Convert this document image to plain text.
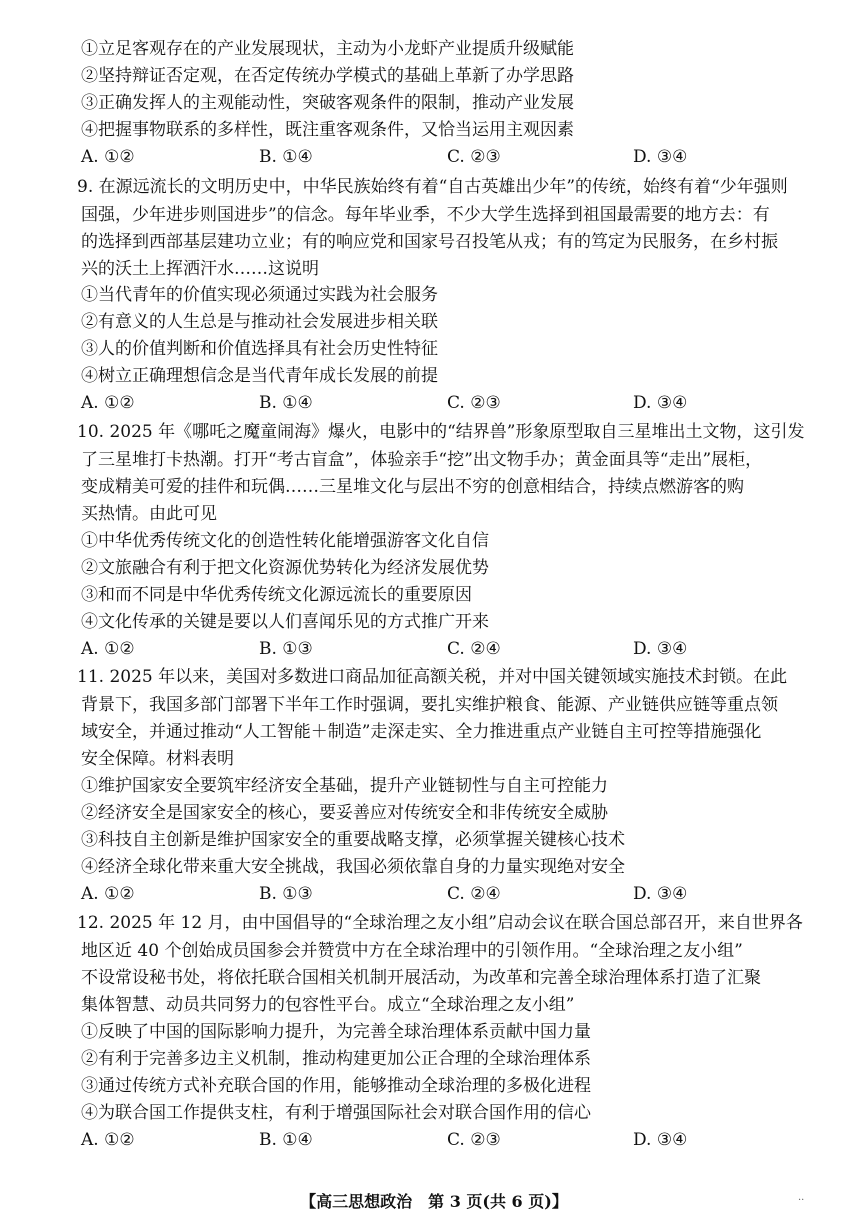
①立足客观存在的产业发展现状，主动为小龙虾产业提质升级赋能
②坚持辩证否定观，在否定传统办学模式的基础上革新了办学思路
③正确发挥人的主观能动性，突破客观条件的限制，推动产业发展
④把握事物联系的多样性，既注重客观条件，又恰当运用主观因素
A. ①②	B. ①④	C. ②③	D. ③④
9. 在源远流长的文明历史中，中华民族始终有着“自古英雄出少年”的传统，始终有着“少年强则
国强，少年进步则国进步”的信念。每年毕业季，不少大学生选择到祖国最需要的地方去：有
的选择到西部基层建功立业；有的响应党和国家号召投笔从戎；有的笃定为民服务，在乡村振
兴的沃土上挥洒汗水……这说明
①当代青年的价值实现必须通过实践为社会服务
②有意义的人生总是与推动社会发展进步相关联
③人的价值判断和价值选择具有社会历史性特征
④树立正确理想信念是当代青年成长发展的前提
A. ①②	B. ①④	C. ②③	D. ③④
10. 2025 年《哪吒之魔童闹海》爆火，电影中的“结界兽”形象原型取自三星堆出土文物，这引发
了三星堆打卡热潮。打开“考古盲盒”，体验亲手“挖”出文物手办；黄金面具等“走出”展柜，
变成精美可爱的挂件和玩偶……三星堆文化与层出不穷的创意相结合，持续点燃游客的购
买热情。由此可见
①中华优秀传统文化的创造性转化能增强游客文化自信
②文旅融合有利于把文化资源优势转化为经济发展优势
③和而不同是中华优秀传统文化源远流长的重要原因
④文化传承的关键是要以人们喜闻乐见的方式推广开来
A. ①②	B. ①③	C. ②④	D. ③④
11. 2025 年以来，美国对多数进口商品加征高额关税，并对中国关键领域实施技术封锁。在此
背景下，我国多部门部署下半年工作时强调，要扎实维护粮食、能源、产业链供应链等重点领
域安全，并通过推动“人工智能＋制造”走深走实、全力推进重点产业链自主可控等措施强化
安全保障。材料表明
①维护国家安全要筑牢经济安全基础，提升产业链韧性与自主可控能力
②经济安全是国家安全的核心，要妥善应对传统安全和非传统安全威胁
③科技自主创新是维护国家安全的重要战略支撑，必须掌握关键核心技术
④经济全球化带来重大安全挑战，我国必须依靠自身的力量实现绝对安全
A. ①②	B. ①③	C. ②④	D. ③④
12. 2025 年 12 月，由中国倡导的“全球治理之友小组”启动会议在联合国总部召开，来自世界各
地区近 40 个创始成员国参会并赞赏中方在全球治理中的引领作用。“全球治理之友小组”
不设常设秘书处，将依托联合国相关机制开展活动，为改革和完善全球治理体系打造了汇聚
集体智慧、动员共同努力的包容性平台。成立“全球治理之友小组”
①反映了中国的国际影响力提升，为完善全球治理体系贡献中国力量
②有利于完善多边主义机制，推动构建更加公正合理的全球治理体系
③通过传统方式补充联合国的作用，能够推动全球治理的多极化进程
④为联合国工作提供支柱，有利于增强国际社会对联合国作用的信心
A. ①②	B. ①④	C. ②③	D. ③④
【高三思想政治　第 3 页(共 6 页)】	··
